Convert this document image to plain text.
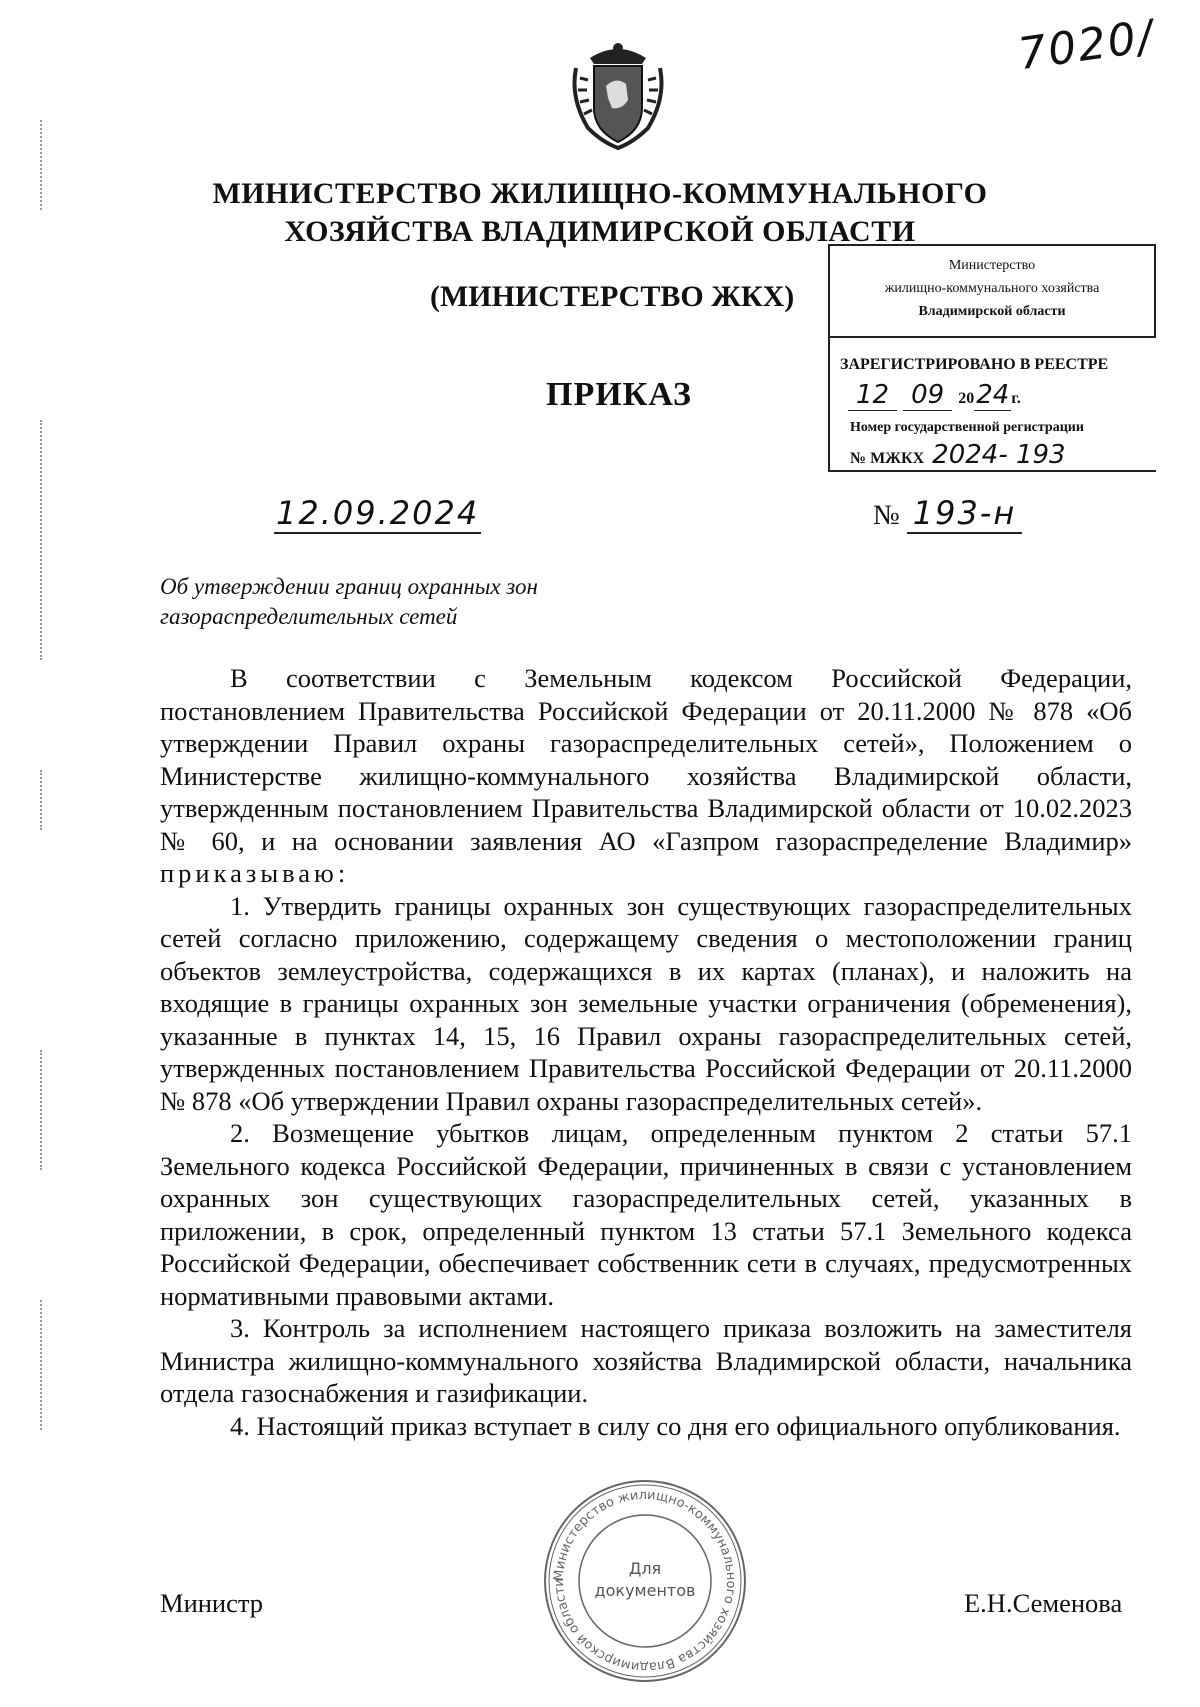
7020/
МИНИСТЕРСТВО ЖИЛИЩНО-КОММУНАЛЬНОГО
ХОЗЯЙСТВА ВЛАДИМИРСКОЙ ОБЛАСТИ
(МИНИСТЕРСТВО ЖКХ)
Министерство
жилищно-коммунального хозяйства
Владимирской области
ЗАРЕГИСТРИРОВАНО В РЕЕСТРЕ
12 09 2024 г.
Номер государственной регистрации
№ МЖКХ 2024- 193
ПРИКАЗ
12.09.2024	№ 193-н
Об утверждении границ охранных зон
газораспределительных сетей

В соответствии с Земельным кодексом Российской Федерации, постановлением Правительства Российской Федерации от 20.11.2000 № 878 «Об утверждении Правил охраны газораспределительных сетей», Положением о Министерстве жилищно-коммунального хозяйства Владимирской области, утвержденным постановлением Правительства Владимирской области от 10.02.2023 № 60, и на основании заявления АО «Газпром газораспределение Владимир» приказываю:

1. Утвердить границы охранных зон существующих газораспределительных сетей согласно приложению, содержащему сведения о местоположении границ объектов землеустройства, содержащихся в их картах (планах), и наложить на входящие в границы охранных зон земельные участки ограничения (обременения), указанные в пунктах 14, 15, 16 Правил охраны газораспределительных сетей, утвержденных постановлением Правительства Российской Федерации от 20.11.2000 № 878 «Об утверждении Правил охраны газораспределительных сетей».
2. Возмещение убытков лицам, определенным пунктом 2 статьи 57.1 Земельного кодекса Российской Федерации, причиненных в связи с установлением охранных зон существующих газораспределительных сетей, указанных в приложении, в срок, определенный пунктом 13 статьи 57.1 Земельного кодекса Российской Федерации, обеспечивает собственник сети в случаях, предусмотренных нормативными правовыми актами.
3. Контроль за исполнением настоящего приказа возложить на заместителя Министра жилищно-коммунального хозяйства Владимирской области, начальника отдела газоснабжения и газификации.
4. Настоящий приказ вступает в силу со дня его официального опубликования.
Министерство жилищно-коммунального хозяйства Владимирской области
Для
документов
Министр	Е.Н.Семенова
